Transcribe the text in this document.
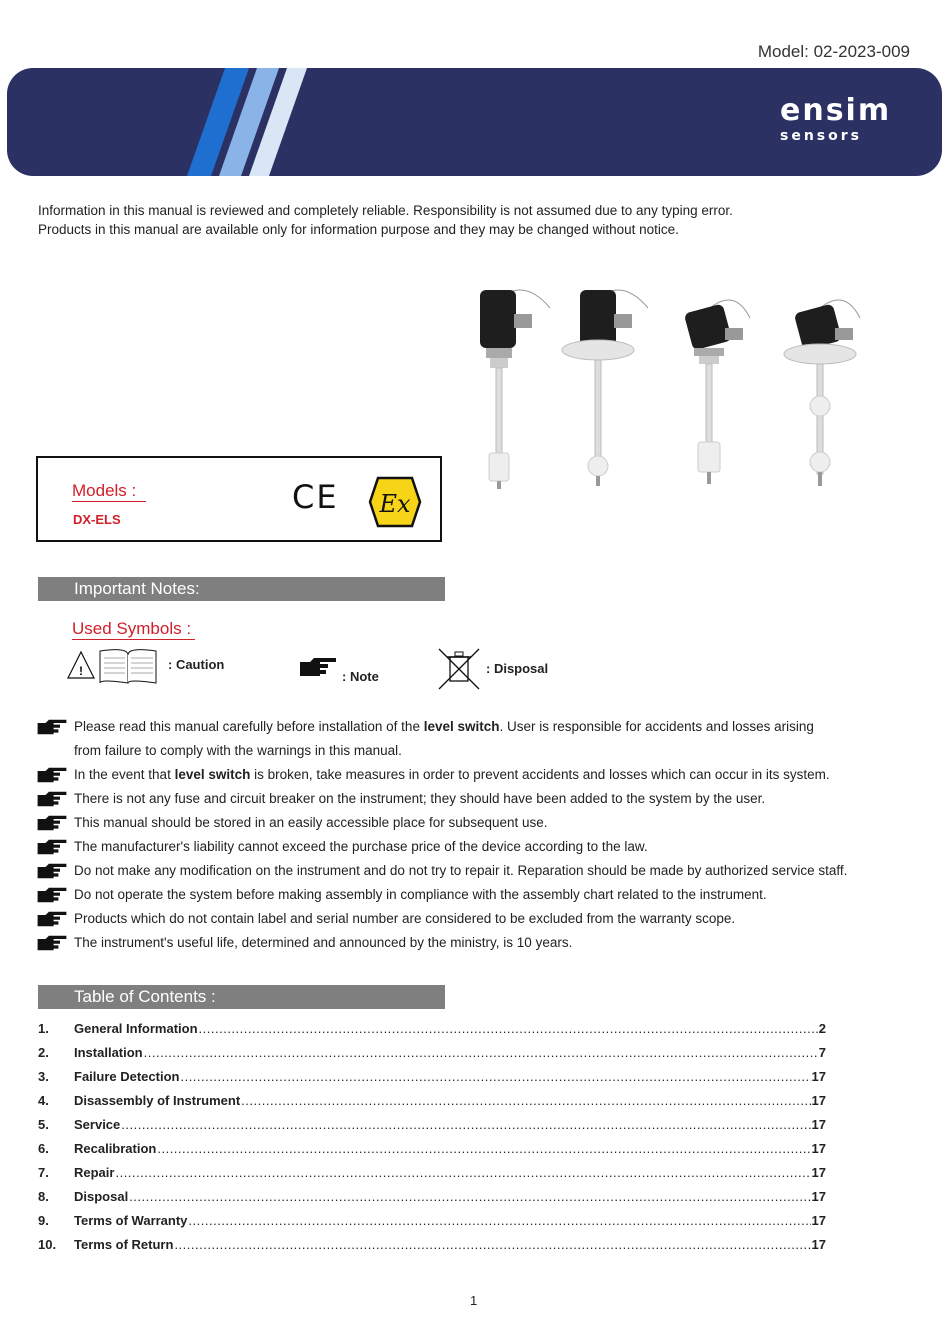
Model: 02-2023-009
ensim
sensors
Information in this manual is reviewed and completely reliable. Responsibility is not assumed due to any typing error.
Products in this manual are available only for information purpose and they may be changed without notice.
Models :
DX-ELS
CE Ex
Important Notes:
Used Symbols :
!	: Caution
: Note
: Disposal
Please read this manual carefully before installation of the level switch. User is responsible for accidents and losses arising
from failure to comply with the warnings in this manual.
In the event that level switch is broken, take measures in order to prevent accidents and losses which can occur in its system.
There is not any fuse and circuit breaker on the instrument; they should have been added to the system by the user.
This manual should be stored in an easily accessible place for subsequent use.
The manufacturer's liability cannot exceed the purchase price of the device according to the law.
Do not make any modification on the instrument and do not try to repair it. Reparation should be made by authorized service staff.
Do not operate the system before making assembly in compliance with the assembly chart related to the instrument.
Products which do not contain label and serial number are considered to be excluded from the warranty scope.
The instrument's useful life, determined and announced by the ministry, is 10 years.
Table of Contents :
1.	General Information .....	2
2.	Installation .....	7
3.	Failure Detection .....	17
4.	Disassembly of Instrument .....	17
5.	Service .....	17
6.	Recalibration .....	17
7.	Repair .....	17
8.	Disposal .....	17
9.	Terms of Warranty .....	17
10.	Terms of Return .....	17
1
